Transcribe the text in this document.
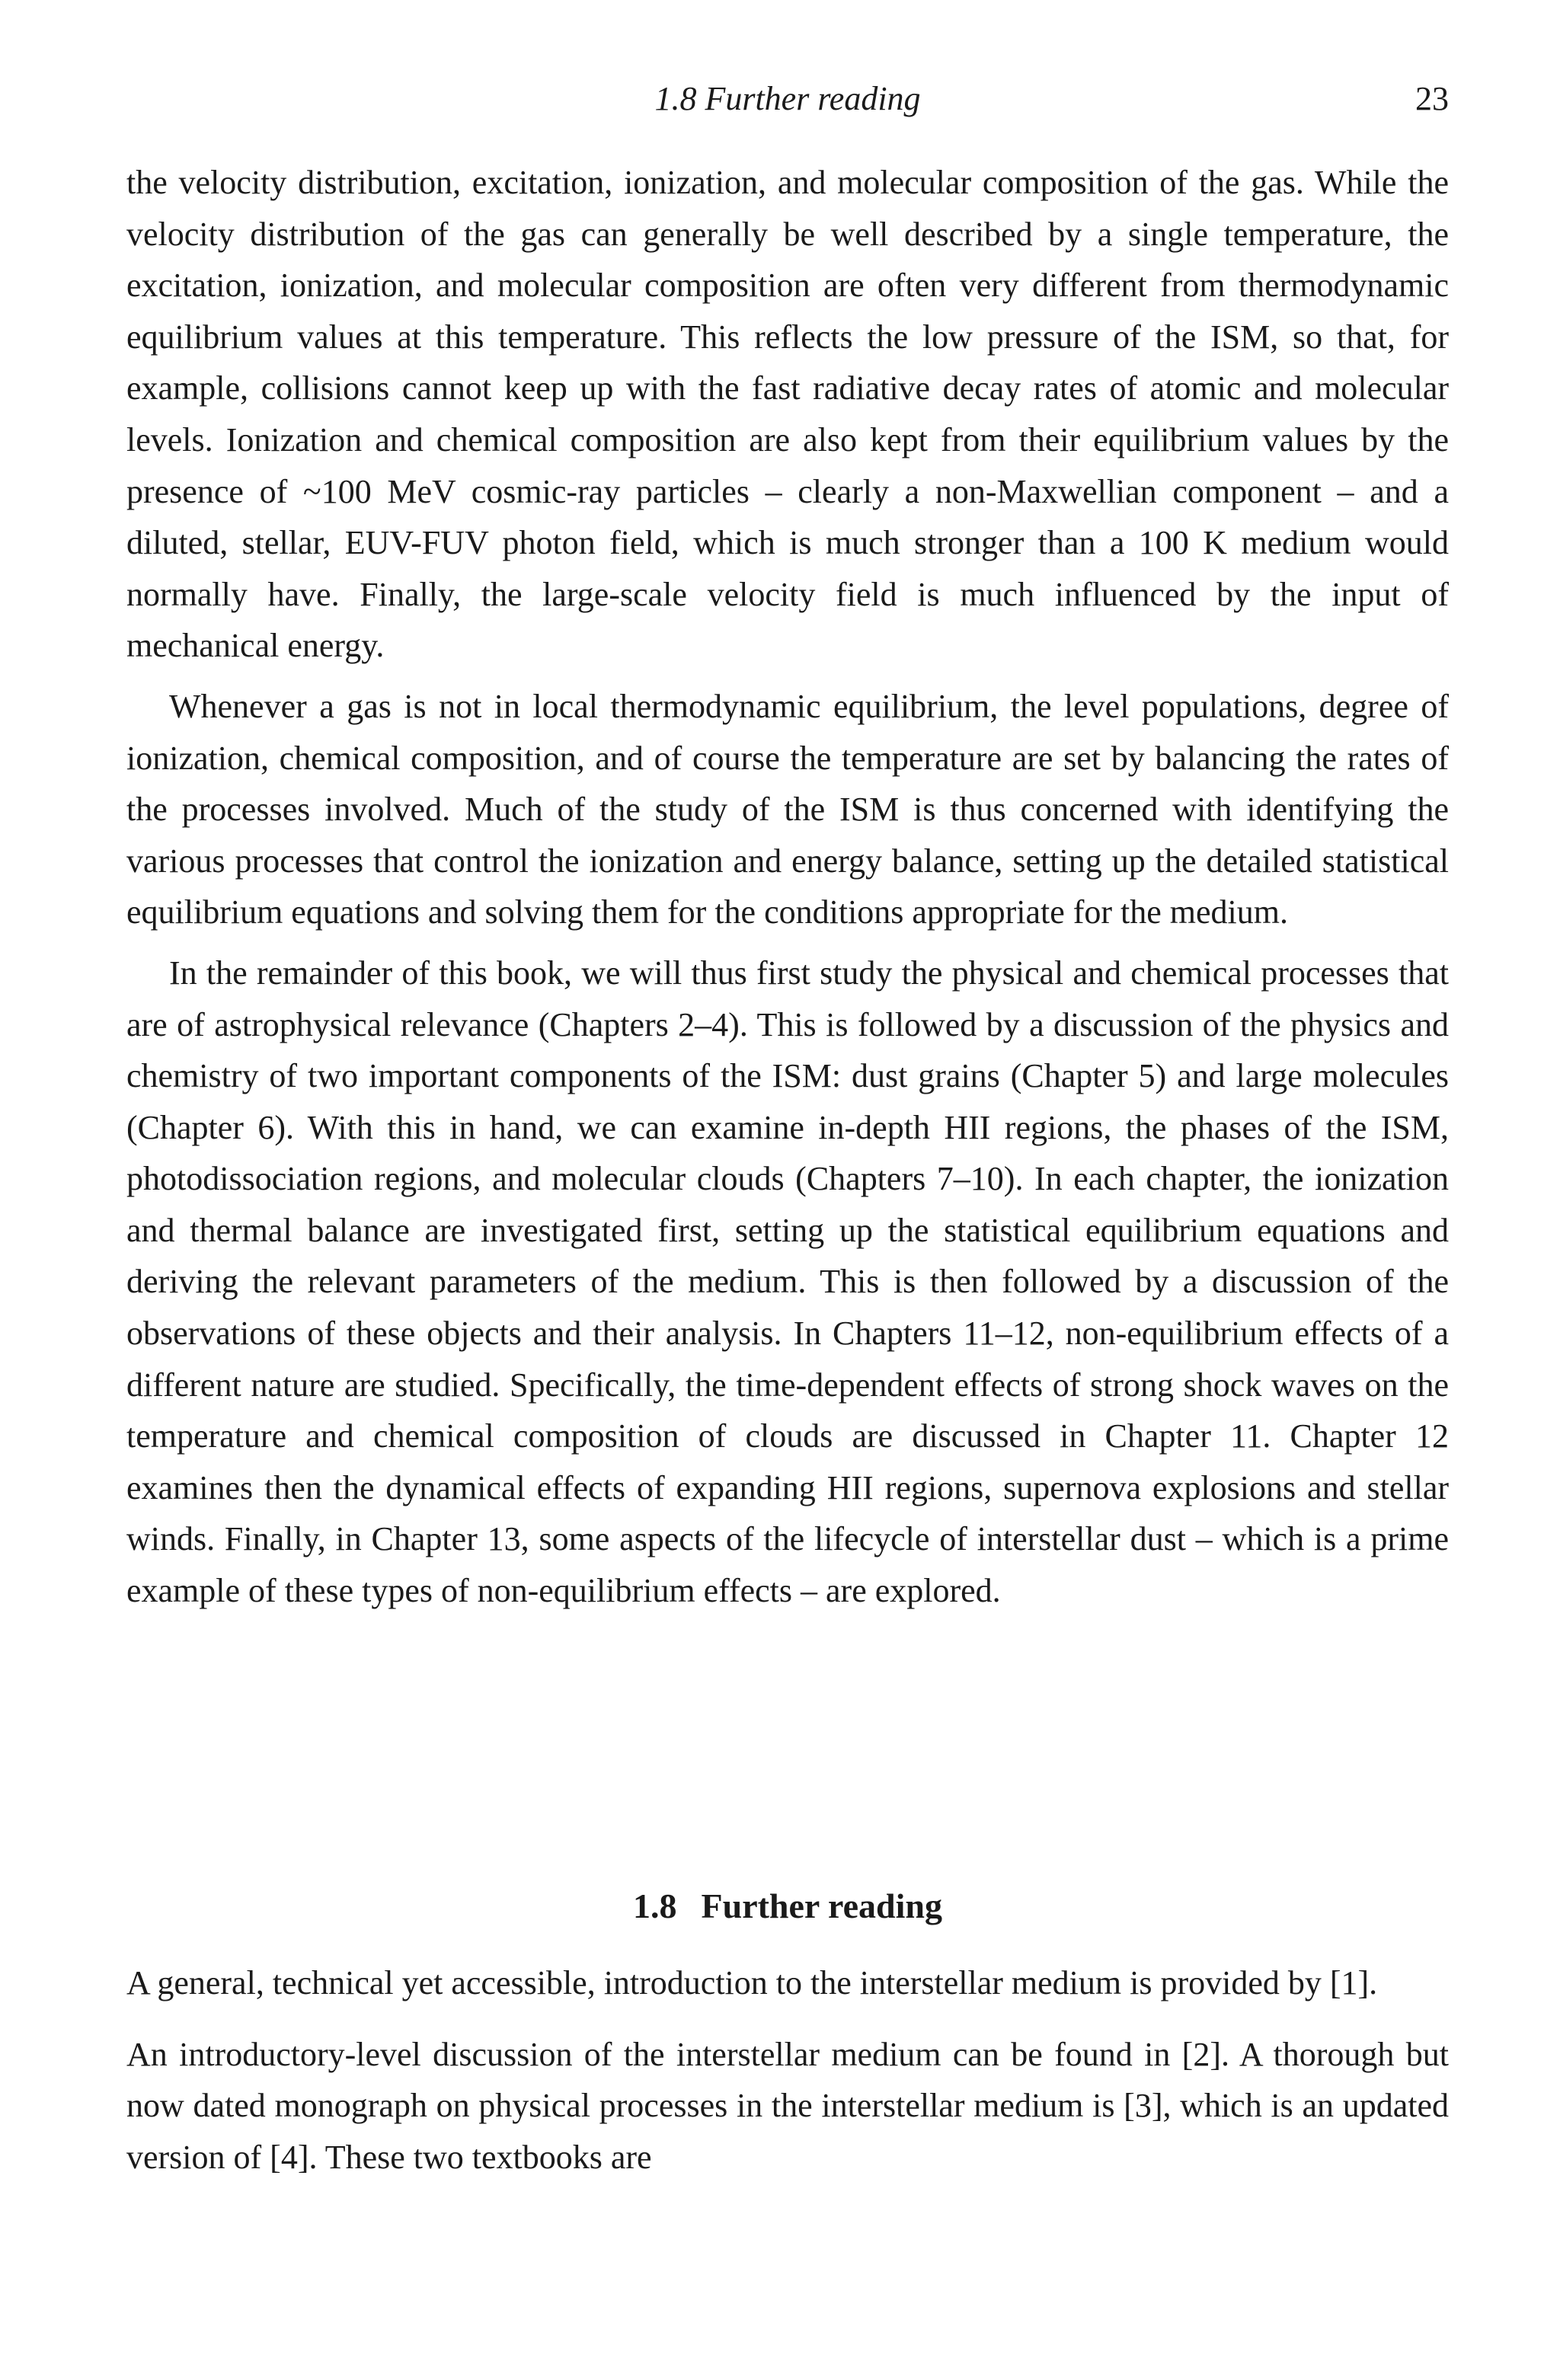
1.8 Further reading	23

the velocity distribution, excitation, ionization, and molecular composition of the gas. While the velocity distribution of the gas can generally be well described by a single temperature, the excitation, ionization, and molecular composition are often very different from thermodynamic equilibrium values at this temperature. This reflects the low pressure of the ISM, so that, for example, collisions cannot keep up with the fast radiative decay rates of atomic and molecular levels. Ionization and chemical composition are also kept from their equilibrium values by the presence of ~100 MeV cosmic-ray particles – clearly a non-Maxwellian component – and a diluted, stellar, EUV-FUV photon field, which is much stronger than a 100 K medium would normally have. Finally, the large-scale velocity field is much influenced by the input of mechanical energy.

Whenever a gas is not in local thermodynamic equilibrium, the level populations, degree of ionization, chemical composition, and of course the temperature are set by balancing the rates of the processes involved. Much of the study of the ISM is thus concerned with identifying the various processes that control the ionization and energy balance, setting up the detailed statistical equilibrium equations and solving them for the conditions appropriate for the medium.

In the remainder of this book, we will thus first study the physical and chemical processes that are of astrophysical relevance (Chapters 2–4). This is followed by a discussion of the physics and chemistry of two important components of the ISM: dust grains (Chapter 5) and large molecules (Chapter 6). With this in hand, we can examine in-depth HII regions, the phases of the ISM, photodissociation regions, and molecular clouds (Chapters 7–10). In each chapter, the ionization and thermal balance are investigated first, setting up the statistical equilibrium equations and deriving the relevant parameters of the medium. This is then followed by a discussion of the observations of these objects and their analysis. In Chapters 11–12, non-equilibrium effects of a different nature are studied. Specifically, the time-dependent effects of strong shock waves on the temperature and chemical composition of clouds are discussed in Chapter 11. Chapter 12 examines then the dynamical effects of expanding HII regions, supernova explosions and stellar winds. Finally, in Chapter 13, some aspects of the lifecycle of interstellar dust – which is a prime example of these types of non-equilibrium effects – are explored.

1.8 Further reading

A general, technical yet accessible, introduction to the interstellar medium is provided by [1].

An introductory-level discussion of the interstellar medium can be found in [2]. A thorough but now dated monograph on physical processes in the interstellar medium is [3], which is an updated version of [4]. These two textbooks are
